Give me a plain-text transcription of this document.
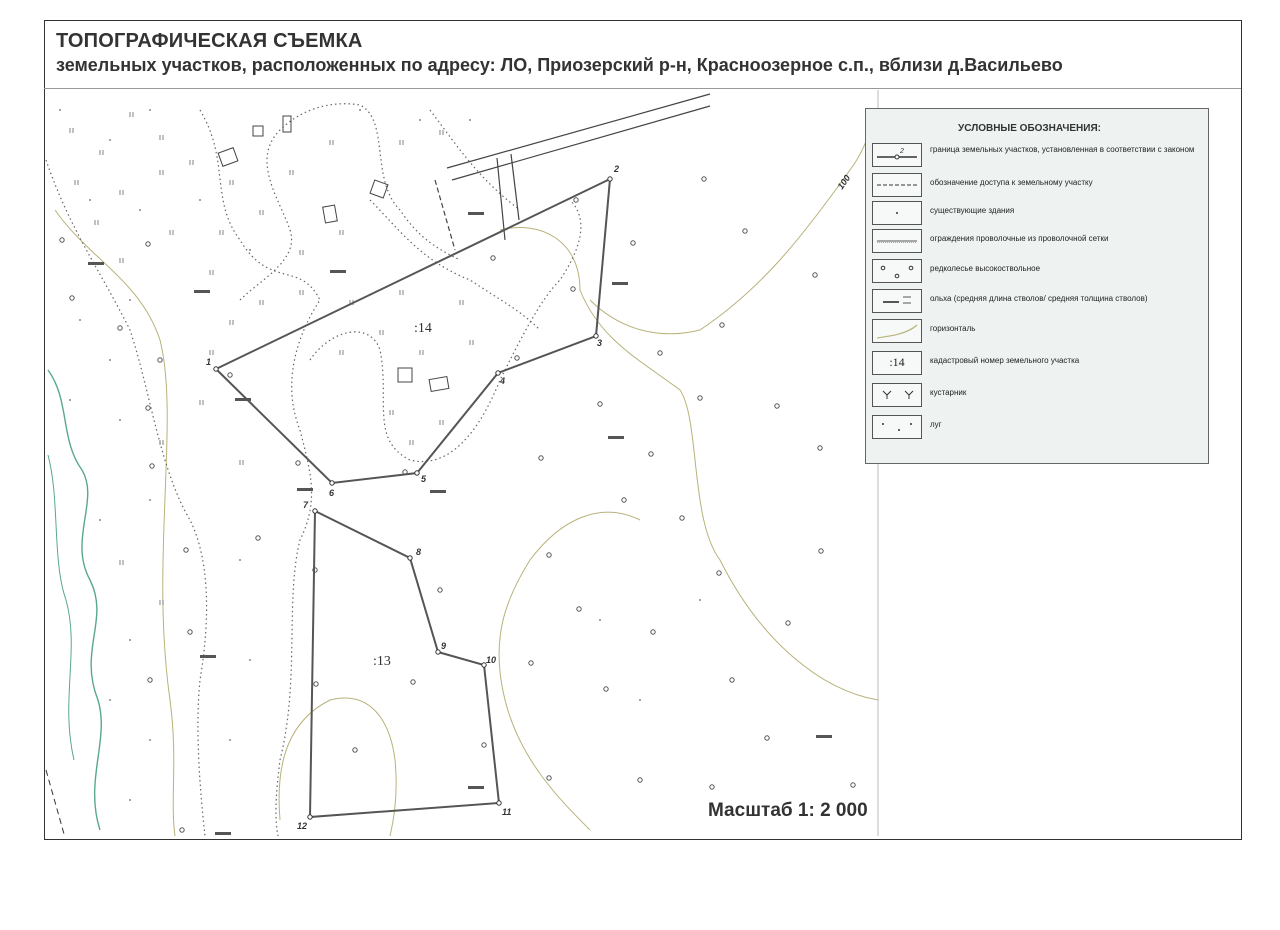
ТОПОГРАФИЧЕСКАЯ СЪЕМКА
земельных участков, расположенных по адресу: ЛО, Приозерский р-н, Красноозерное с.п., вблизи д.Васильево
100
1
2
3
4
5
6
7
8
9
10
11
12
:14
:13
УСЛОВНЫЕ ОБОЗНАЧЕНИЯ:
2	граница земельных участков, установленная в соответствии с законом
обозначение доступа к земельному участку
существующие здания
ограждения проволочные из проволочной сетки
редколесье высокоствольное
ольха (средняя длина стволов/ средняя толщина стволов)
горизонталь
:14	кадастровый номер земельного участка
кустарник
луг
Масштаб 1: 2 000
